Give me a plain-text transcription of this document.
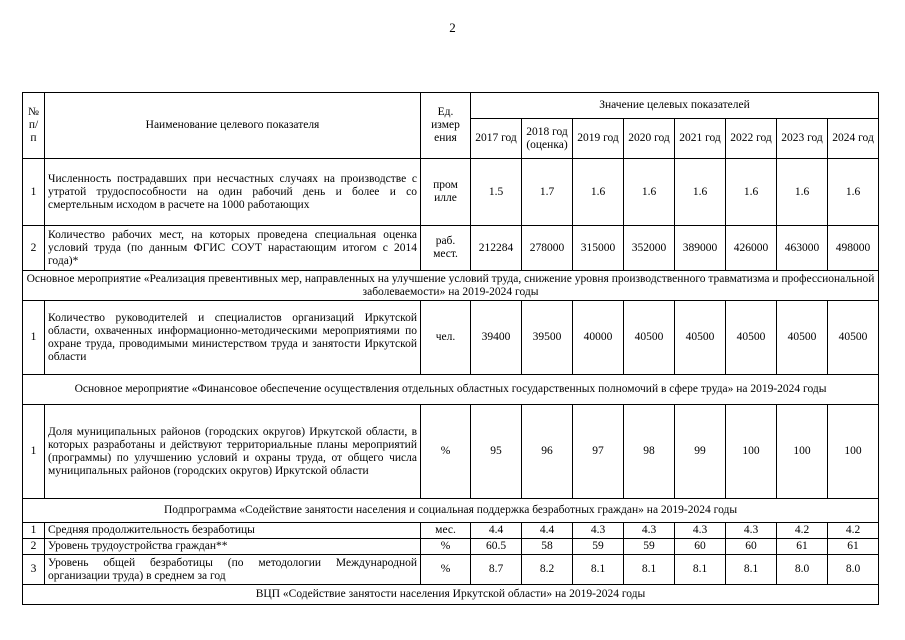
2
№ п/п	Наименование целевого показателя	Ед. измер ения	Значение целевых показателей							
			2017 год	2018 год (оценка)	2019 год	2020 год	2021 год	2022 год	2023 год	2024 год
1	Численность пострадавших при несчастных случаях на производстве с утратой трудоспособности на один рабочий день и более и со смертельным исходом в расчете на 1000 работающих	пром илле	1.5	1.7	1.6	1.6	1.6	1.6	1.6	1.6
2	Количество рабочих мест, на которых проведена специальная оценка условий труда (по данным ФГИС СОУТ нарастающим итогом с 2014 года)*	раб. мест.	212284	278000	315000	352000	389000	426000	463000	498000
Основное мероприятие «Реализация превентивных мер, направленных на улучшение условий труда, снижение уровня производственного травматизма и профессиональной заболеваемости» на 2019-2024 годы										
1	Количество руководителей и специалистов организаций Иркутской области, охваченных информационно-методическими мероприятиями по охране труда, проводимыми министерством труда и занятости Иркутской области	чел.	39400	39500	40000	40500	40500	40500	40500	40500
Основное мероприятие «Финансовое обеспечение осуществления отдельных областных государственных полномочий в сфере труда» на 2019-2024 годы										
1	Доля муниципальных районов (городских округов) Иркутской области, в которых разработаны и действуют территориальные планы мероприятий (программы) по улучшению условий и охраны труда, от общего числа муниципальных районов (городских округов) Иркутской области	%	95	96	97	98	99	100	100	100
Подпрограмма «Содействие занятости населения и социальная поддержка безработных граждан» на 2019-2024 годы										
1	Средняя продолжительность безработицы	мес.	4.4	4.4	4.3	4.3	4.3	4.3	4.2	4.2
2	Уровень трудоустройства граждан**	%	60.5	58	59	59	60	60	61	61
3	Уровень общей безработицы (по методологии Международной организации труда) в среднем за год	%	8.7	8.2	8.1	8.1	8.1	8.1	8.0	8.0
ВЦП «Содействие занятости населения Иркутской области» на 2019-2024 годы										
